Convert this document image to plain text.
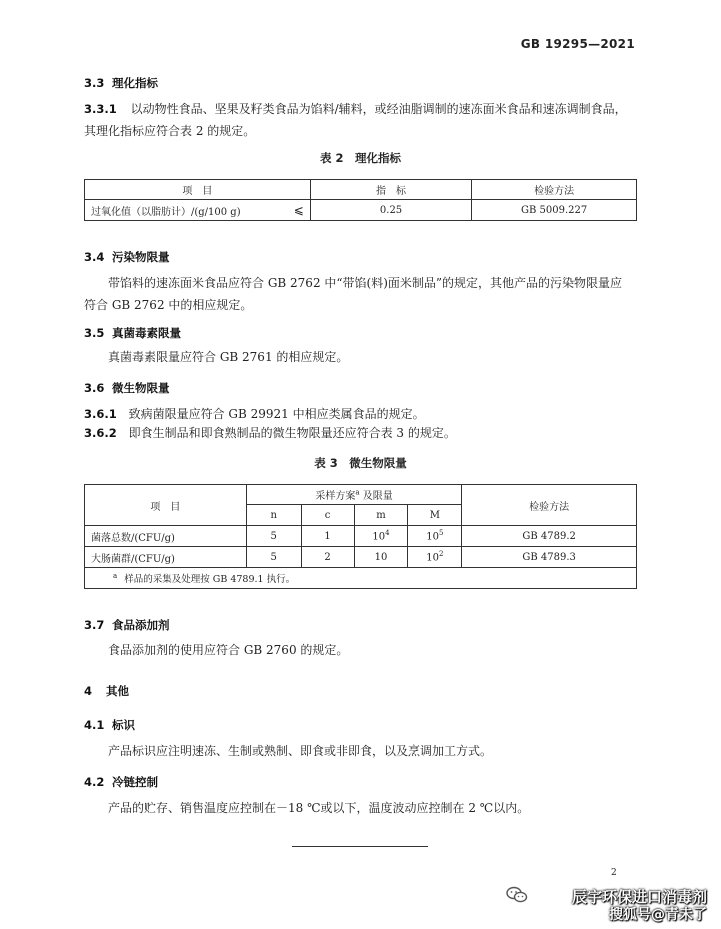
GB 19295—2021
3.3 理化指标
3.3.1 以动物性食品、坚果及籽类食品为馅料/辅料，或经油脂调制的速冻面米食品和速冻调制食品，
其理化指标应符合表 2 的规定。
表 2　理化指标
项　目	指　标	检验方法
过氧化值（以脂肪计）/(g/100 g) ⩽	0.25	GB 5009.227
3.4 污染物限量
带馅料的速冻面米食品应符合 GB 2762 中“带馅(料)面米制品”的规定，其他产品的污染物限量应
符合 GB 2762 中的相应规定。
3.5 真菌毒素限量
真菌毒素限量应符合 GB 2761 的相应规定。
3.6 微生物限量
3.6.1 致病菌限量应符合 GB 29921 中相应类属食品的规定。
3.6.2 即食生制品和即食熟制品的微生物限量还应符合表 3 的规定。
表 3　微生物限量
项　目	采样方案$^a$ 及限量				检验方法
	n	c	m	M	
菌落总数/(CFU/g)	5	1	$10^4$	$10^5$	GB 4789.2
大肠菌群/(CFU/g)	5	2	10	$10^2$	GB 4789.3
$^a$ 样品的采集及处理按 GB 4789.1 执行。					
3.7 食品添加剂
食品添加剂的使用应符合 GB 2760 的规定。
4 其他
4.1 标识
产品标识应注明速冻、生制或熟制、即食或非即食，以及烹调加工方式。
4.2 冷链控制
产品的贮存、销售温度应控制在－18 ℃或以下，温度波动应控制在 2 ℃以内。
2
辰宇环保进口消毒剂
搜狐号@青未了
